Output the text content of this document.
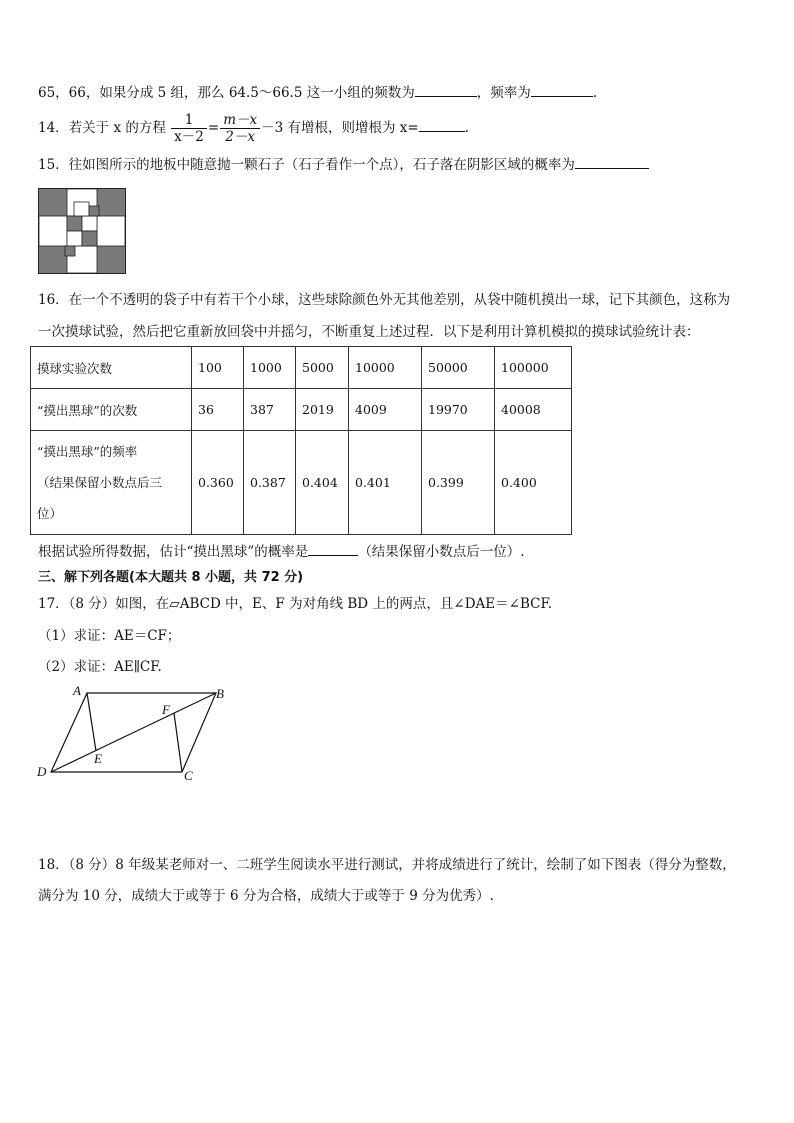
65，66，如果分成 5 组，那么 64.5～66.5 这一小组的频数为	，频率为	.
14．若关于 x 的方程 $\frac{1}{x-2} = \frac{m-x}{2-x} -3$ 有增根，则增根为 x=	.
15．往如图所示的地板中随意抛一颗石子（石子看作一个点），石子落在阴影区域的概率为
16．在一个不透明的袋子中有若干个小球，这些球除颜色外无其他差别，从袋中随机摸出一球，记下其颜色，这称为
一次摸球试验，然后把它重新放回袋中并摇匀，不断重复上述过程．以下是利用计算机模拟的摸球试验统计表：
摸球实验次数	100	1000	5000	10000	50000	100000
“摸出黑球”的次数	36	387	2019	4009	19970	40008

“摸出黑球”的频率
（结果保留小数点后三
位）	0.360	0.387	0.404	0.401	0.399	0.400
根据试验所得数据，估计“摸出黑球”的概率是	（结果保留小数点后一位）.
三、解下列各题(本大题共 8 小题，共 72 分)
17．（8 分）如图，在▱ABCD 中，E、F 为对角线 BD 上的两点，且∠DAE＝∠BCF.
（1）求证：AE＝CF；
（2）求证：AE∥CF.
A	B
C
D
E
F
18．（8 分）8 年级某老师对一、二班学生阅读水平进行测试，并将成绩进行了统计，绘制了如下图表（得分为整数，
满分为 10 分，成绩大于或等于 6 分为合格，成绩大于或等于 9 分为优秀）.
